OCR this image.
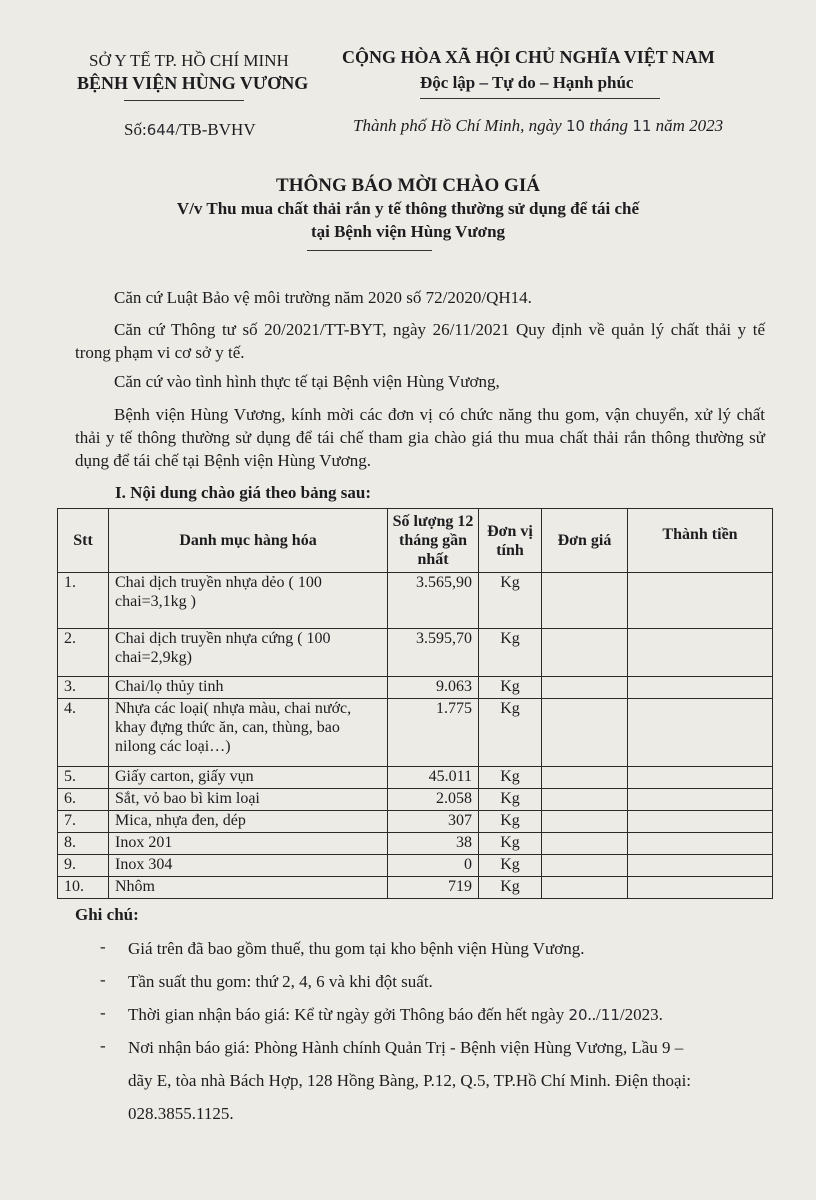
SỞ Y TẾ TP. HỒ CHÍ MINH
BỆNH VIỆN HÙNG VƯƠNG
CỘNG HÒA XÃ HỘI CHỦ NGHĨA VIỆT NAM
Độc lập – Tự do – Hạnh phúc
Số:644/TB-BVHV	Thành phố Hồ Chí Minh, ngày 10 tháng 11 năm 2023
THÔNG BÁO MỜI CHÀO GIÁ
V/v Thu mua chất thải rắn y tế thông thường sử dụng để tái chế
tại Bệnh viện Hùng Vương
Căn cứ Luật Bảo vệ môi trường năm 2020 số 72/2020/QH14.
Căn cứ Thông tư số 20/2021/TT-BYT, ngày 26/11/2021 Quy định về quản lý chất thải y tế trong phạm vi cơ sở y tế.
Căn cứ vào tình hình thực tế tại Bệnh viện Hùng Vương,
Bệnh viện Hùng Vương, kính mời các đơn vị có chức năng thu gom, vận chuyển, xử lý chất thải y tế thông thường sử dụng để tái chế tham gia chào giá thu mua chất thải rắn thông thường sử dụng để tái chế tại Bệnh viện Hùng Vương.
I. Nội dung chào giá theo bảng sau:
Stt	Danh mục hàng hóa	Số lượng 12 tháng gần nhất	Đơn vị tính	Đơn giá	Thành tiền
1.	Chai dịch truyền nhựa dẻo ( 100 chai=3,1kg )	3.565,90	Kg		
2.	Chai dịch truyền nhựa cứng ( 100 chai=2,9kg)	3.595,70	Kg		
3.	Chai/lọ thủy tinh	9.063	Kg		
4.	Nhựa các loại( nhựa màu, chai nước, khay đựng thức ăn, can, thùng, bao nilong các loại…)	1.775	Kg		
5.	Giấy carton, giấy vụn	45.011	Kg		
6.	Sắt, vỏ bao bì kim loại	2.058	Kg		
7.	Mica, nhựa đen, dép	307	Kg		
8.	Inox 201	38	Kg		
9.	Inox 304	0	Kg		
10.	Nhôm	719	Kg		
Ghi chú:
- Giá trên đã bao gồm thuế, thu gom tại kho bệnh viện Hùng Vương.
- Tần suất thu gom: thứ 2, 4, 6 và khi đột suất.
- Thời gian nhận báo giá: Kể từ ngày gởi Thông báo đến hết ngày 20../11/2023.
- Nơi nhận báo giá: Phòng Hành chính Quản Trị - Bệnh viện Hùng Vương, Lầu 9 –
dãy E, tòa nhà Bách Hợp, 128 Hồng Bàng, P.12, Q.5, TP.Hồ Chí Minh. Điện thoại:
028.3855.1125.
